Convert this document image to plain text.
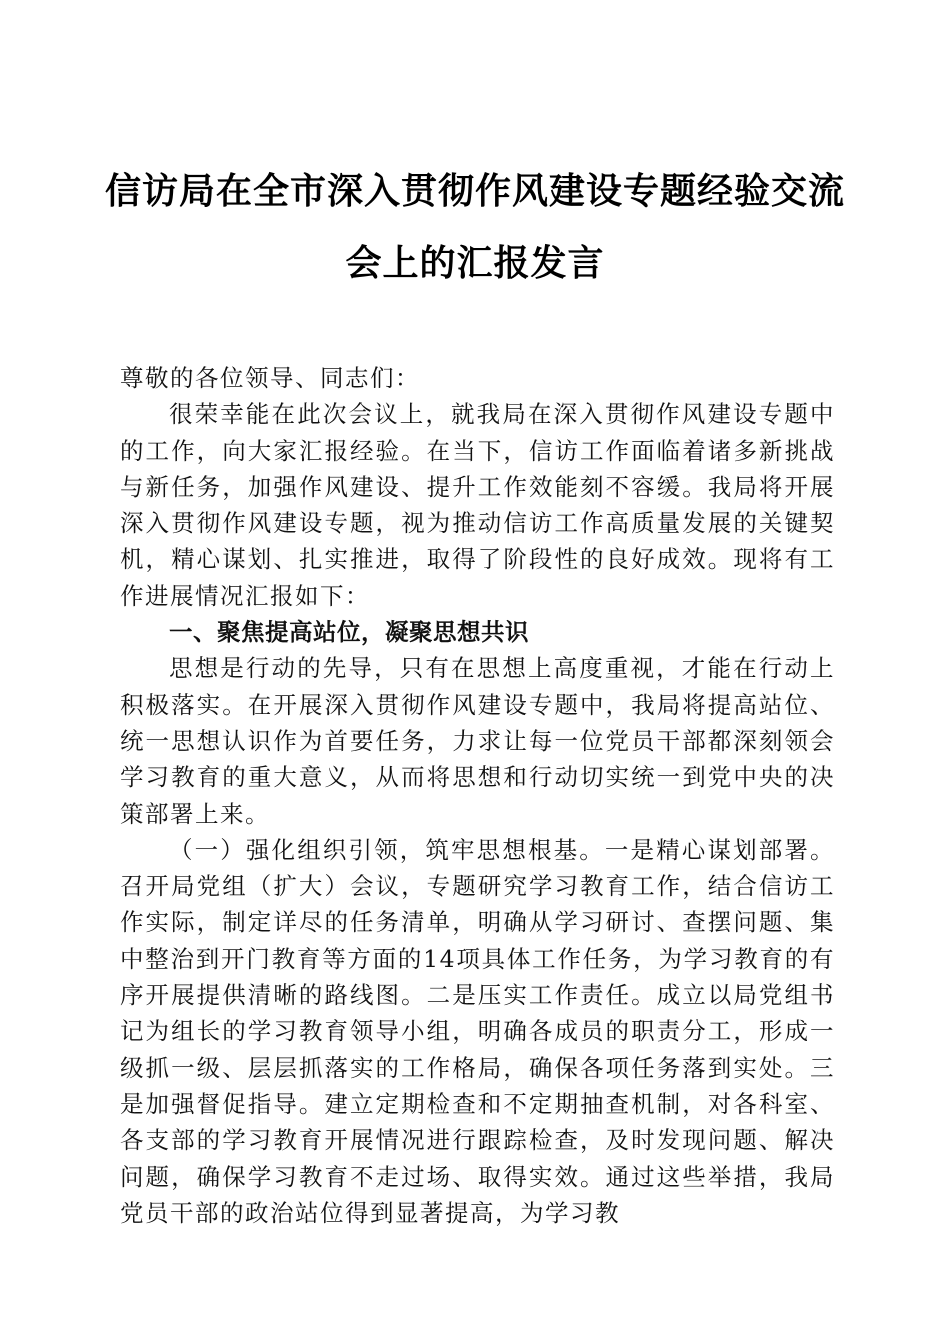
信访局在全市深入贯彻作风建设专题经验交流
会上的汇报发言

尊敬的各位领导、同志们：

很荣幸能在此次会议上，就我局在深入贯彻作风建设专题中的工作，向大家汇报经验。在当下，信访工作面临着诸多新挑战与新任务，加强作风建设、提升工作效能刻不容缓。我局将开展深入贯彻作风建设专题，视为推动信访工作高质量发展的关键契机，精心谋划、扎实推进，取得了阶段性的良好成效。现将有工作进展情况汇报如下：

一、聚焦提高站位，凝聚思想共识

思想是行动的先导，只有在思想上高度重视，才能在行动上积极落实。在开展深入贯彻作风建设专题中，我局将提高站位、统一思想认识作为首要任务，力求让每一位党员干部都深刻领会学习教育的重大意义，从而将思想和行动切实统一到党中央的决策部署上来。

（一）强化组织引领，筑牢思想根基。一是精心谋划部署。召开局党组（扩大）会议，专题研究学习教育工作，结合信访工作实际，制定详尽的任务清单，明确从学习研讨、查摆问题、集中整治到开门教育等方面的14项具体工作任务，为学习教育的有序开展提供清晰的路线图。二是压实工作责任。成立以局党组书记为组长的学习教育领导小组，明确各成员的职责分工，形成一级抓一级、层层抓落实的工作格局，确保各项任务落到实处。三是加强督促指导。建立定期检查和不定期抽查机制，对各科室、各支部的学习教育开展情况进行跟踪检查，及时发现问题、解决问题，确保学习教育不走过场、取得实效。通过这些举措，我局党员干部的政治站位得到显著提高，为学习教
